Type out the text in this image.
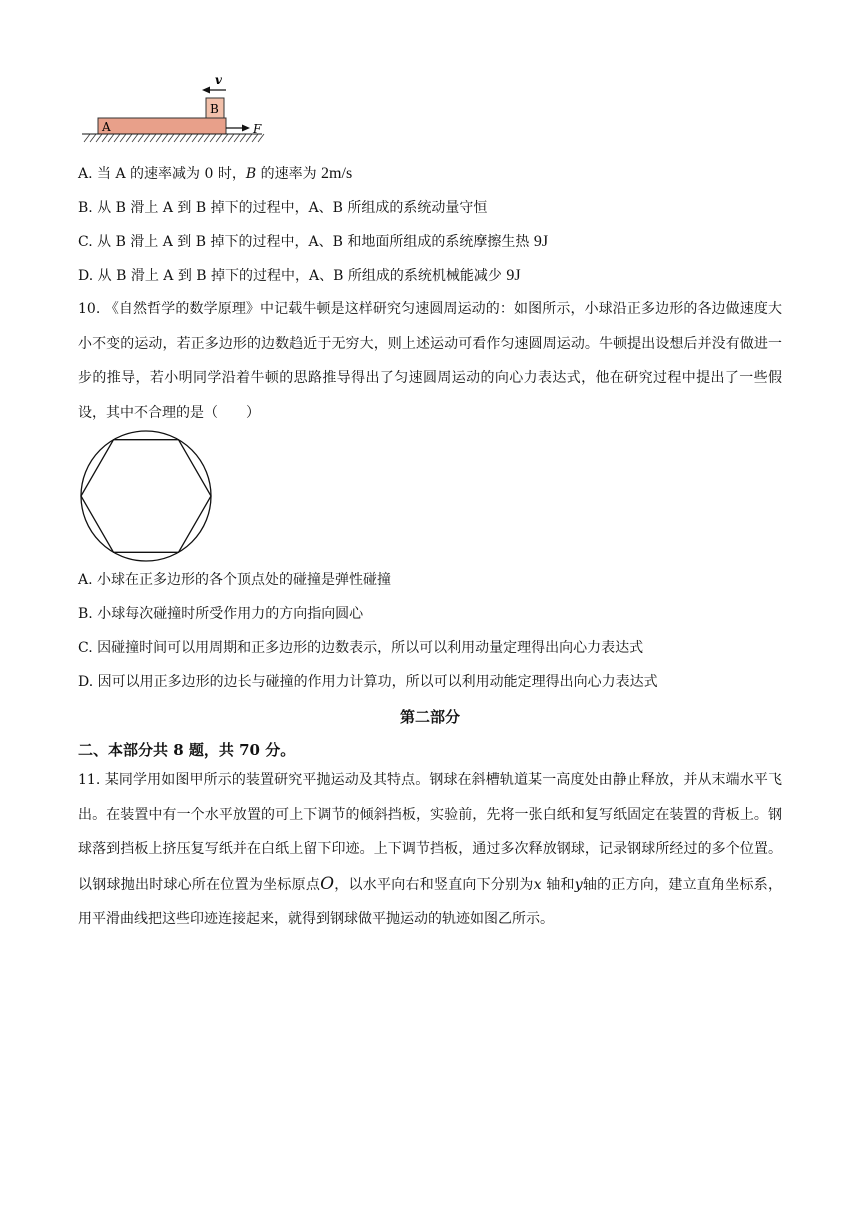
v
B
A	F
A. 当 A 的速率减为 0 时，B 的速率为 2m/s
B. 从 B 滑上 A 到 B 掉下的过程中，A、B 所组成的系统动量守恒
C. 从 B 滑上 A 到 B 掉下的过程中，A、B 和地面所组成的系统摩擦生热 9J
D. 从 B 滑上 A 到 B 掉下的过程中，A、B 所组成的系统机械能减少 9J
10. 《自然哲学的数学原理》中记载牛顿是这样研究匀速圆周运动的：如图所示，小球沿正多边形的各边做速度大小不变的运动，若正多边形的边数趋近于无穷大，则上述运动可看作匀速圆周运动。牛顿提出设想后并没有做进一步的推导，若小明同学沿着牛顿的思路推导得出了匀速圆周运动的向心力表达式，他在研究过程中提出了一些假设，其中不合理的是（　　）
A. 小球在正多边形的各个顶点处的碰撞是弹性碰撞
B. 小球每次碰撞时所受作用力的方向指向圆心
C. 因碰撞时间可以用周期和正多边形的边数表示，所以可以利用动量定理得出向心力表达式
D. 因可以用正多边形的边长与碰撞的作用力计算功，所以可以利用动能定理得出向心力表达式
第二部分
二、本部分共 8 题，共 70 分。
11. 某同学用如图甲所示的装置研究平抛运动及其特点。钢球在斜槽轨道某一高度处由静止释放，并从末端水平飞出。在装置中有一个水平放置的可上下调节的倾斜挡板，实验前，先将一张白纸和复写纸固定在装置的背板上。钢球落到挡板上挤压复写纸并在白纸上留下印迹。上下调节挡板，通过多次释放钢球，记录钢球所经过的多个位置。以钢球抛出时球心所在位置为坐标原点O，以水平向右和竖直向下分别为x 轴和y轴的正方向，建立直角坐标系，用平滑曲线把这些印迹连接起来，就得到钢球做平抛运动的轨迹如图乙所示。
